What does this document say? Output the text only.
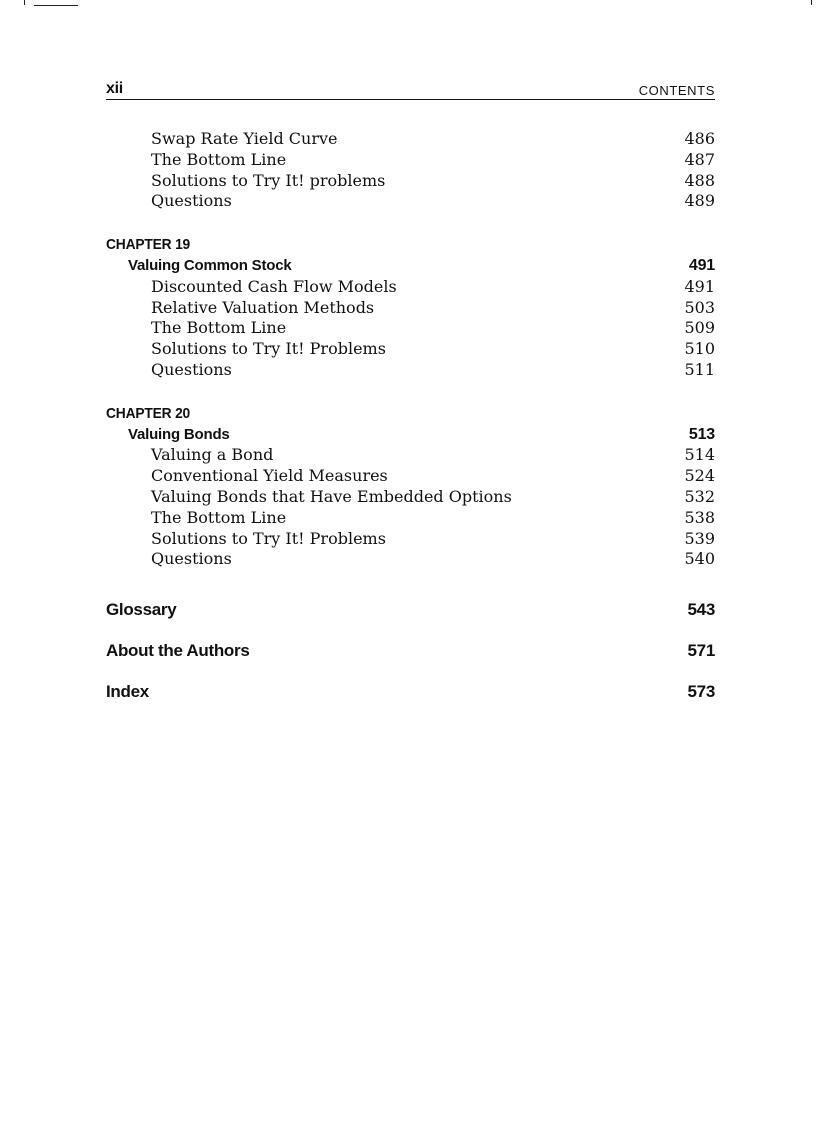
xii	CONTENTS
Swap Rate Yield Curve	486
The Bottom Line	487
Solutions to Try It! problems	488
Questions	489
CHAPTER 19
Valuing Common Stock	491
Discounted Cash Flow Models	491
Relative Valuation Methods	503
The Bottom Line	509
Solutions to Try It! Problems	510
Questions	511
CHAPTER 20
Valuing Bonds	513
Valuing a Bond	514
Conventional Yield Measures	524
Valuing Bonds that Have Embedded Options	532
The Bottom Line	538
Solutions to Try It! Problems	539
Questions	540
Glossary	543
About the Authors	571
Index	573
